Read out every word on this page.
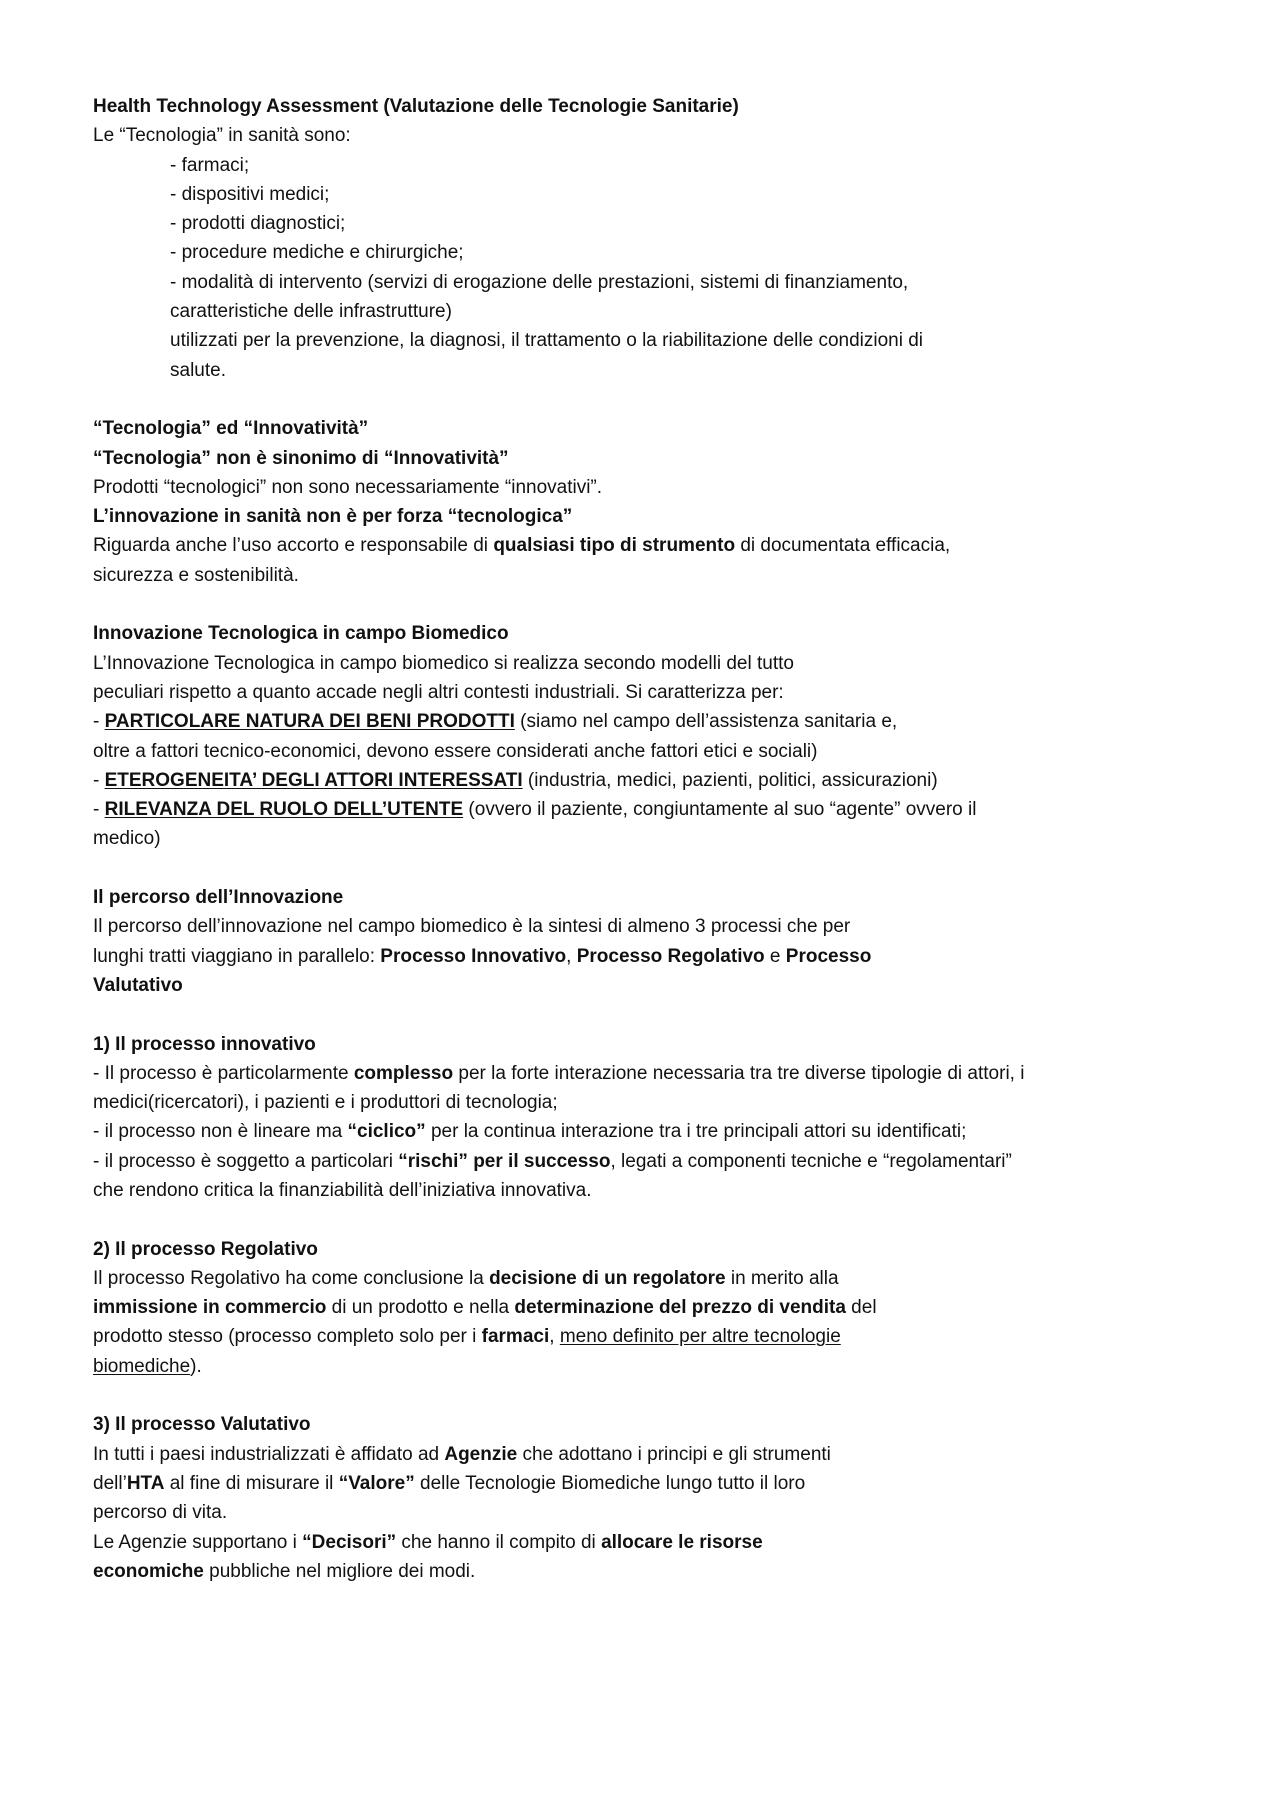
Health Technology Assessment (Valutazione delle Tecnologie Sanitarie)

Le “Tecnologia” in sanità sono:

- farmaci;

- dispositivi medici;

- prodotti diagnostici;

- procedure mediche e chirurgiche;

- modalità di intervento (servizi di erogazione delle prestazioni, sistemi di finanziamento,

caratteristiche delle infrastrutture)

utilizzati per la prevenzione, la diagnosi, il trattamento o la riabilitazione delle condizioni di

salute.

“Tecnologia” ed “Innovatività”

“Tecnologia” non è sinonimo di “Innovatività”

Prodotti “tecnologici” non sono necessariamente “innovativi”.

L’innovazione in sanità non è per forza “tecnologica”

Riguarda anche l’uso accorto e responsabile di qualsiasi tipo di strumento di documentata efficacia,

sicurezza e sostenibilità.

Innovazione Tecnologica in campo Biomedico

L’Innovazione Tecnologica in campo biomedico si realizza secondo modelli del tutto

peculiari rispetto a quanto accade negli altri contesti industriali. Si caratterizza per:

- PARTICOLARE NATURA DEI BENI PRODOTTI (siamo nel campo dell’assistenza sanitaria e,

oltre a fattori tecnico-economici, devono essere considerati anche fattori etici e sociali)

- ETEROGENEITA’ DEGLI ATTORI INTERESSATI (industria, medici, pazienti, politici, assicurazioni)

- RILEVANZA DEL RUOLO DELL’UTENTE (ovvero il paziente, congiuntamente al suo “agente” ovvero il

medico)

Il percorso dell’Innovazione

Il percorso dell’innovazione nel campo biomedico è la sintesi di almeno 3 processi che per

lunghi tratti viaggiano in parallelo: Processo Innovativo, Processo Regolativo e Processo

Valutativo

1) Il processo innovativo

- Il processo è particolarmente complesso per la forte interazione necessaria tra tre diverse tipologie di attori, i

medici(ricercatori), i pazienti e i produttori di tecnologia;

- il processo non è lineare ma “ciclico” per la continua interazione tra i tre principali attori su identificati;

- il processo è soggetto a particolari “rischi” per il successo, legati a componenti tecniche e “regolamentari”

che rendono critica la finanziabilità dell’iniziativa innovativa.

2) Il processo Regolativo

Il processo Regolativo ha come conclusione la decisione di un regolatore in merito alla

immissione in commercio di un prodotto e nella determinazione del prezzo di vendita del

prodotto stesso (processo completo solo per i farmaci, meno definito per altre tecnologie

biomediche).

3) Il processo Valutativo

In tutti i paesi industrializzati è affidato ad Agenzie che adottano i principi e gli strumenti

dell’HTA al fine di misurare il “Valore” delle Tecnologie Biomediche lungo tutto il loro

percorso di vita.

Le Agenzie supportano i “Decisori” che hanno il compito di allocare le risorse

economiche pubbliche nel migliore dei modi.
